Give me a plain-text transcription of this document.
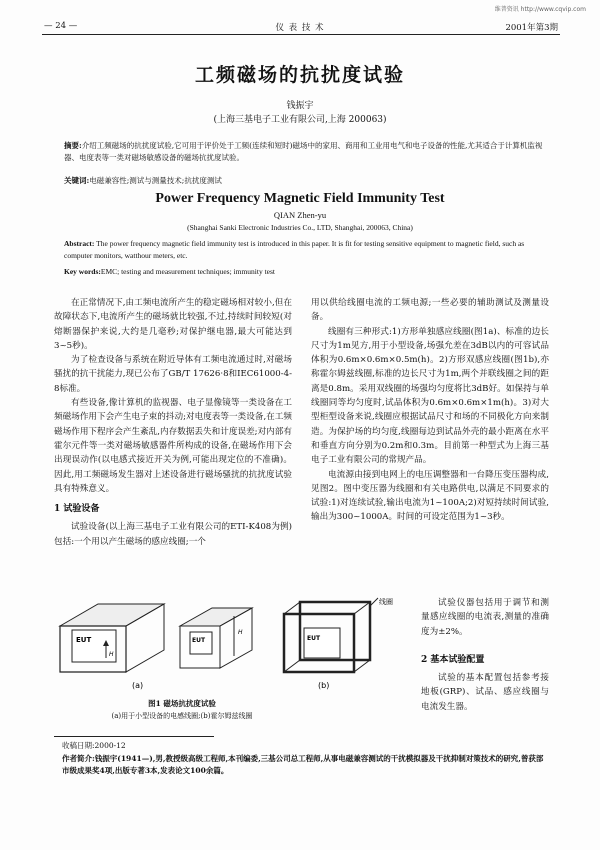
— 24 —	仪 表 技 术	2001年第3期
维普资讯 http://www.cqvip.com
工频磁场的抗扰度试验
钱振宇
(上海三基电子工业有限公司,上海 200063)
摘要:介绍工频磁场的抗扰度试验,它可用于评价处于工频(连续和短时)磁场中的家用、商用和工业用电气和电子设备的性能,尤其适合于计算机监视器、电度表等一类对磁场敏感设备的磁场抗扰度试验。
关键词:电磁兼容性;测试与测量技术;抗扰度测试
Power Frequency Magnetic Field Immunity Test
QIAN Zhen-yu
(Shanghai Sanki Electronic Industries Co., LTD, Shanghai, 200063, China)
Abstract: The power frequency magnetic field immunity test is introduced in this paper. It is fit for testing sensitive equipment to magnetic field, such as computer monitors, watthour meters, etc.
Key words:EMC; testing and measurement techniques; immunity test

在正常情况下,由工频电流所产生的稳定磁场相对较小,但在故障状态下,电流所产生的磁场就比较强,不过,持续时间较短(对熔断器保护来说,大约是几毫秒;对保护继电器,最大可能达到3~5秒)。

为了检查设备与系统在附近导体有工频电流通过时,对磁场骚扰的抗干扰能力,现已公布了GB/T 17626·8和IEC61000-4-8标准。

有些设备,像计算机的监视器、电子显像镜等一类设备在工频磁场作用下会产生电子束的抖动;对电度表等一类设备,在工频磁场作用下程序会产生紊乱,内存数据丢失和计度误差;对内部有霍尔元件等一类对磁场敏感器件所构成的设备,在磁场作用下会出现误动作(以电感式接近开关为例,可能出现定位的不准确)。因此,用工频磁场发生器对上述设备进行磁场骚扰的抗扰度试验具有特殊意义。

1 试验设备

试验设备(以上海三基电子工业有限公司的ETI-K408为例)包括:一个用以产生磁场的感应线圈;一个

EUT
H
(a)
EUT
H
EUT
线圈
(b)
图1 磁场抗扰度试验
(a)用于小型设备的电感线圈;(b)霍尔姆兹线圈

用以供给线圈电流的工频电源;一些必要的辅助测试及测量设备。

线圈有三种形式:1)方形单独感应线圈(图1a)、标准的边长尺寸为1m见方,用于小型设备,场强允差在3dB以内的可容试品体积为0.6m×0.6m×0.5m(h)。2)方形双感应线圈(图1b),亦称霍尔姆兹线圈,标准的边长尺寸为1m,两个并联线圈之间的距离是0.8m。采用双线圈的场强均匀度将比3dB好。如保持与单线圈同等均匀度时,试品体积为0.6m×0.6m×1m(h)。3)对大型柜型设备来说,线圈应根据试品尺寸和场的不同极化方向来制造。为保护场的均匀度,线圈每边到试品外壳的最小距离在水平和垂直方向分别为0.2m和0.3m。目前第一种型式为上海三基电子工业有限公司的常规产品。

电流源由接到电网上的电压调整器和一台降压变压器构成,见图2。图中变压器为线圈和有关电路供电,以满足不同要求的试验:1)对连续试验,输出电流为1~100A;2)对短持续时间试验,输出为300~1000A。时间的可设定范围为1~3秒。

试验仪器包括用于调节和测量感应线圈的电流表,测量的准确度为±2%。

2 基本试验配置

试验的基本配置包括参考接地板(GRP)、试品、感应线圈与电流发生器。

收稿日期:2000-12
作者简介:钱振宇(1941—),男,教授级高级工程师,本刊编委,三基公司总工程师,从事电磁兼容测试的干扰模拟器及干扰抑制对策技术的研究,曾获部市级成果奖4项,出版专著3本,发表论文100余篇。
